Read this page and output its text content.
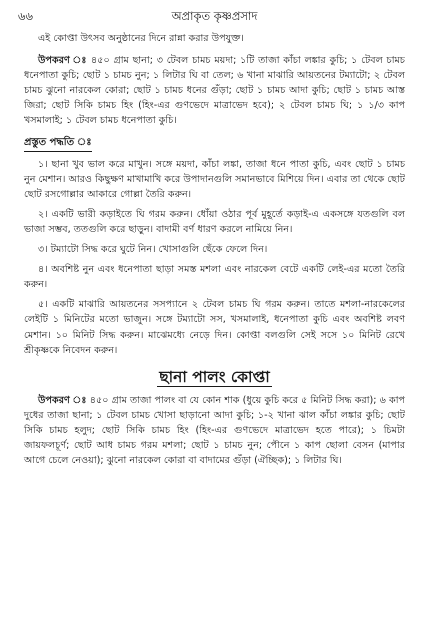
৬৬	অপ্রাকৃত কৃষ্ণপ্রসাদ

এই কোপ্তা উৎসব অনুষ্ঠানের দিনে রান্না করার উপযুক্ত।

উপকরণ ঃ ৪৫০ গ্রাম ছানা; ৩ টেবল চামচ ময়দা; ১টি তাজা কাঁচা লঙ্কার কুচি; ১ টেবল চামচ ধনেপাতা কুচি; ছোট ১ চামচ নুন; ১ লিটার ঘি বা তেল; ৬ খানা মাঝারি আয়তনের টম্যাটো; ২ টেবল চামচ ঝুনো নারকেল কোরা; ছোট ১ চামচ ধনের গুঁড়া; ছোট ১ চামচ আদা কুচি; ছোট ১ চামচ আস্ত জিরা; ছোট সিকি চামচ হিং (হিং-এর গুণভেদে মাত্রাভেদ হবে); ২ টেবল চামচ ঘি; ১ ১/৩ কাপ খসমালাই; ১ টেবল চামচ ধনেপাতা কুচি।

প্রস্তুত পদ্ধতি ঃ

১। ছানা খুব ভাল করে মাখুন। সঙ্গে ময়দা, কাঁচা লঙ্কা, তাজা ধনে পাতা কুচি, এবং ছোট ১ চামচ নুন মেশান। আরও কিছুক্ষণ মাখামাখি করে উপাদানগুলি সমানভাবে মিশিয়ে দিন। এবার তা থেকে ছোট ছোট রসগোল্লার আকারে গোল্লা তৈরি করুন।

২। একটি ভারী কড়াইতে ঘি গরম করুন। ধোঁয়া ওঠার পূর্ব মুহূর্তে কড়াই-এ একসঙ্গে যতগুলি বল ভাজা সম্ভব, ততগুলি করে ছাড়ুন। বাদামী বর্ণ ধারণ করলে নামিয়ে নিন।

৩। টম্যাটো সিদ্ধ করে ঘুটে নিন। খোসাগুলি ছেঁকে ফেলে দিন।

৪। অবশিষ্ট নুন এবং ধনেপাতা ছাড়া সমস্ত মশলা এবং নারকেল বেটে একটি লেই-এর মতো তৈরি করুন।

৫। একটি মাঝারি আয়তনের সসপ্যানে ২ টেবল চামচ ঘি গরম করুন। তাতে মশলা-নারকেলের লেইটি ১ মিনিটের মতো ভাজুন। সঙ্গে টম্যাটো সস, খসমালাই, ধনেপাতা কুচি এবং অবশিষ্ট লবণ মেশান। ১০ মিনিট সিদ্ধ করুন। মাঝেমধ্যে নেড়ে দিন। কোপ্তা বলগুলি সেই সসে ১০ মিনিট রেখে শ্রীকৃষ্ণকে নিবেদন করুন।

ছানা পালং কোপ্তা

উপকরণ ঃ ৪৫০ গ্রাম তাজা পালং বা যে কোন শাক (ধুয়ে কুচি করে ৫ মিনিট সিদ্ধ করা); ৬ কাপ দুধের তাজা ছানা; ১ টেবল চামচ খোসা ছাড়ানো আদা কুচি; ১-২ খানা ঝাল কাঁচা লঙ্কার কুচি; ছোট সিকি চামচ হলুদ; ছোট সিকি চামচ হিং (হিং-এর গুণভেদে মাত্রাভেদ হতে পারে); ১ চিমটা জায়ফলচূর্ণ; ছোট আধ চামচ গরম মশলা; ছোট ১ চামচ নুন; পৌনে ১ কাপ ছোলা বেসন (মাপার আগে চেলে নেওয়া); ঝুনো নারকেল কোরা বা বাদামের গুঁড়া (ঐচ্ছিক); ১ লিটার ঘি।
